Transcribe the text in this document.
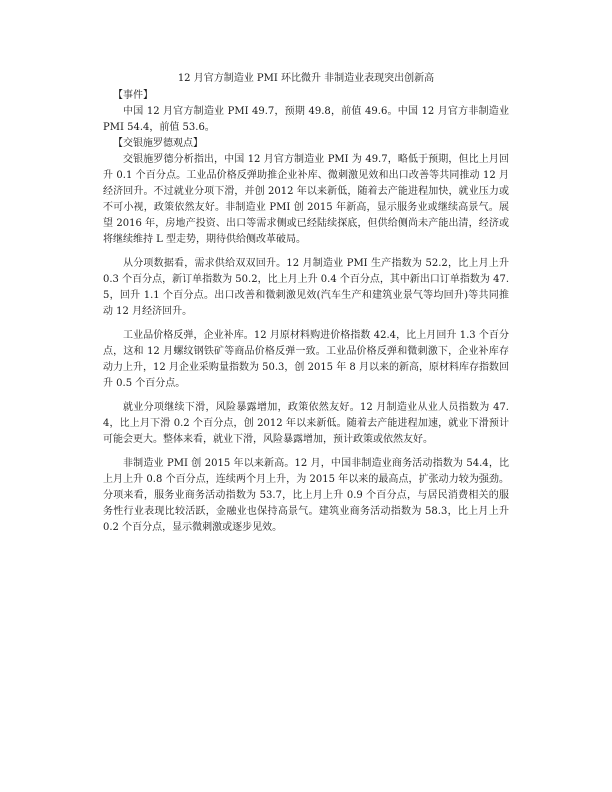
12 月官方制造业 PMI 环比微升 非制造业表现突出创新高

【事件】

中国 12 月官方制造业 PMI 49.7，预期 49.8，前值 49.6。中国 12 月官方非制造业 PMI 54.4，前值 53.6。

【交银施罗德观点】

交银施罗德分析指出，中国 12 月官方制造业 PMI 为 49.7，略低于预期，但比上月回升 0.1 个百分点。工业品价格反弹助推企业补库、微刺激见效和出口改善等共同推动 12 月经济回升。不过就业分项下滑，并创 2012 年以来新低，随着去产能进程加快，就业压力或不可小视，政策依然友好。非制造业 PMI 创 2015 年新高，显示服务业或继续高景气。展望 2016 年，房地产投资、出口等需求侧或已经陆续探底，但供给侧尚未产能出清，经济或将继续维持 L 型走势，期待供给侧改革破局。

从分项数据看，需求供给双双回升。12 月制造业 PMI 生产指数为 52.2，比上月上升 0.3 个百分点，新订单指数为 50.2，比上月上升 0.4 个百分点，其中新出口订单指数为 47.5，回升 1.1 个百分点。出口改善和微刺激见效(汽车生产和建筑业景气等均回升)等共同推动 12 月经济回升。

工业品价格反弹，企业补库。12 月原材料购进价格指数 42.4，比上月回升 1.3 个百分点，这和 12 月螺纹钢铁矿等商品价格反弹一致。工业品价格反弹和微刺激下，企业补库存动力上升，12 月企业采购量指数为 50.3，创 2015 年 8 月以来的新高，原材料库存指数回升 0.5 个百分点。

就业分项继续下滑，风险暴露增加，政策依然友好。12 月制造业从业人员指数为 47.4，比上月下滑 0.2 个百分点，创 2012 年以来新低。随着去产能进程加速，就业下滑预计可能会更大。整体来看，就业下滑，风险暴露增加，预计政策或依然友好。

非制造业 PMI 创 2015 年以来新高。12 月，中国非制造业商务活动指数为 54.4，比上月上升 0.8 个百分点，连续两个月上升，为 2015 年以来的最高点，扩张动力较为强劲。分项来看，服务业商务活动指数为 53.7，比上月上升 0.9 个百分点，与居民消费相关的服务性行业表现比较活跃，金融业也保持高景气。建筑业商务活动指数为 58.3，比上月上升 0.2 个百分点，显示微刺激或逐步见效。
